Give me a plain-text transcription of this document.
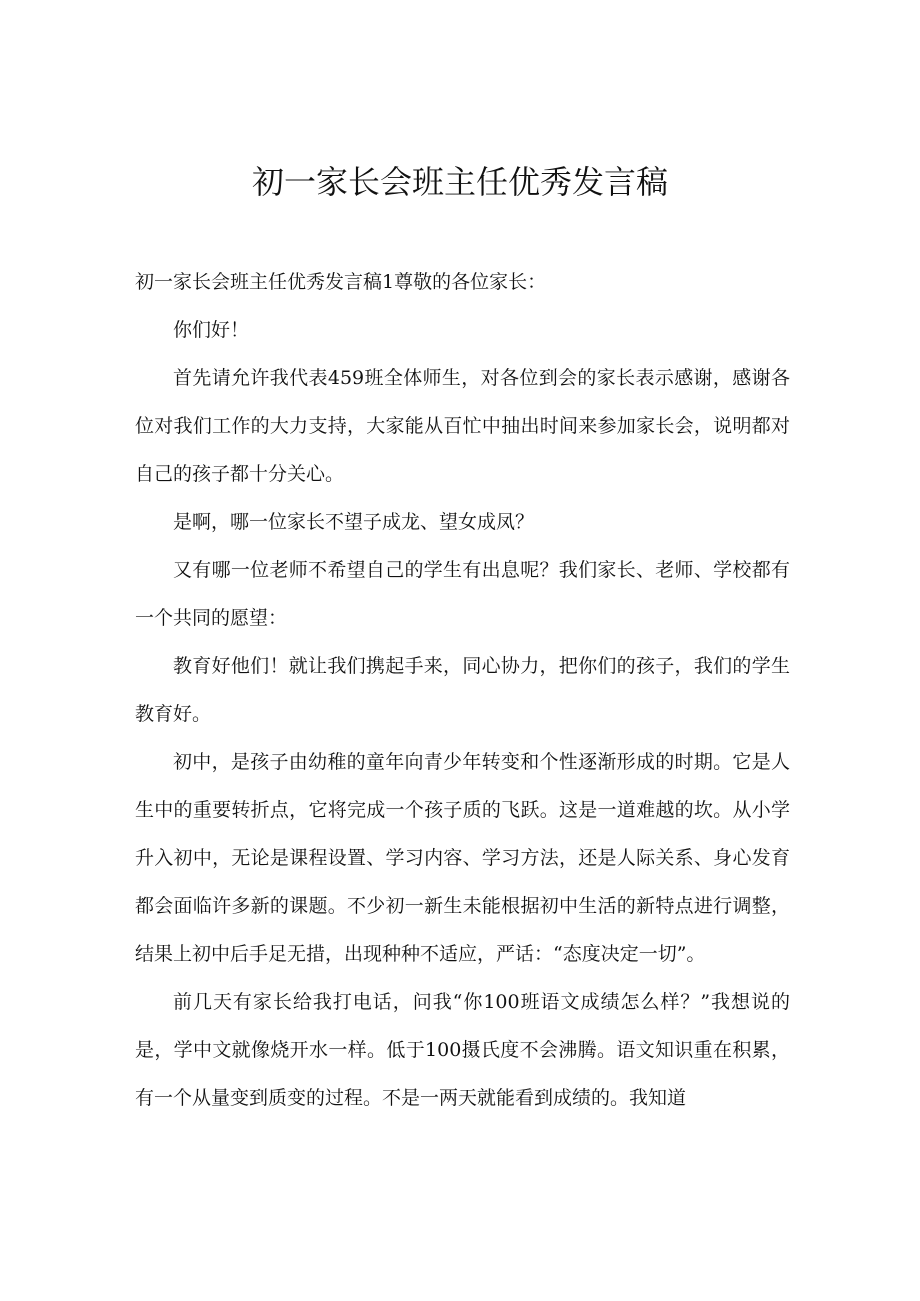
初一家长会班主任优秀发言稿

初一家长会班主任优秀发言稿1尊敬的各位家长：

你们好！

首先请允许我代表459班全体师生，对各位到会的家长表示感谢，感谢各位对我们工作的大力支持，大家能从百忙中抽出时间来参加家长会，说明都对自己的孩子都十分关心。

是啊，哪一位家长不望子成龙、望女成凤？

又有哪一位老师不希望自己的学生有出息呢？我们家长、老师、学校都有一个共同的愿望：

教育好他们！就让我们携起手来，同心协力，把你们的孩子，我们的学生教育好。

初中，是孩子由幼稚的童年向青少年转变和个性逐渐形成的时期。它是人生中的重要转折点，它将完成一个孩子质的飞跃。这是一道难越的坎。从小学升入初中，无论是课程设置、学习内容、学习方法，还是人际关系、身心发育都会面临许多新的课题。不少初一新生未能根据初中生活的新特点进行调整，结果上初中后手足无措，出现种种不适应，严话：“态度决定一切”。

前几天有家长给我打电话，问我“你100班语文成绩怎么样？”我想说的是，学中文就像烧开水一样。低于100摄氏度不会沸腾。语文知识重在积累，有一个从量变到质变的过程。不是一两天就能看到成绩的。我知道
